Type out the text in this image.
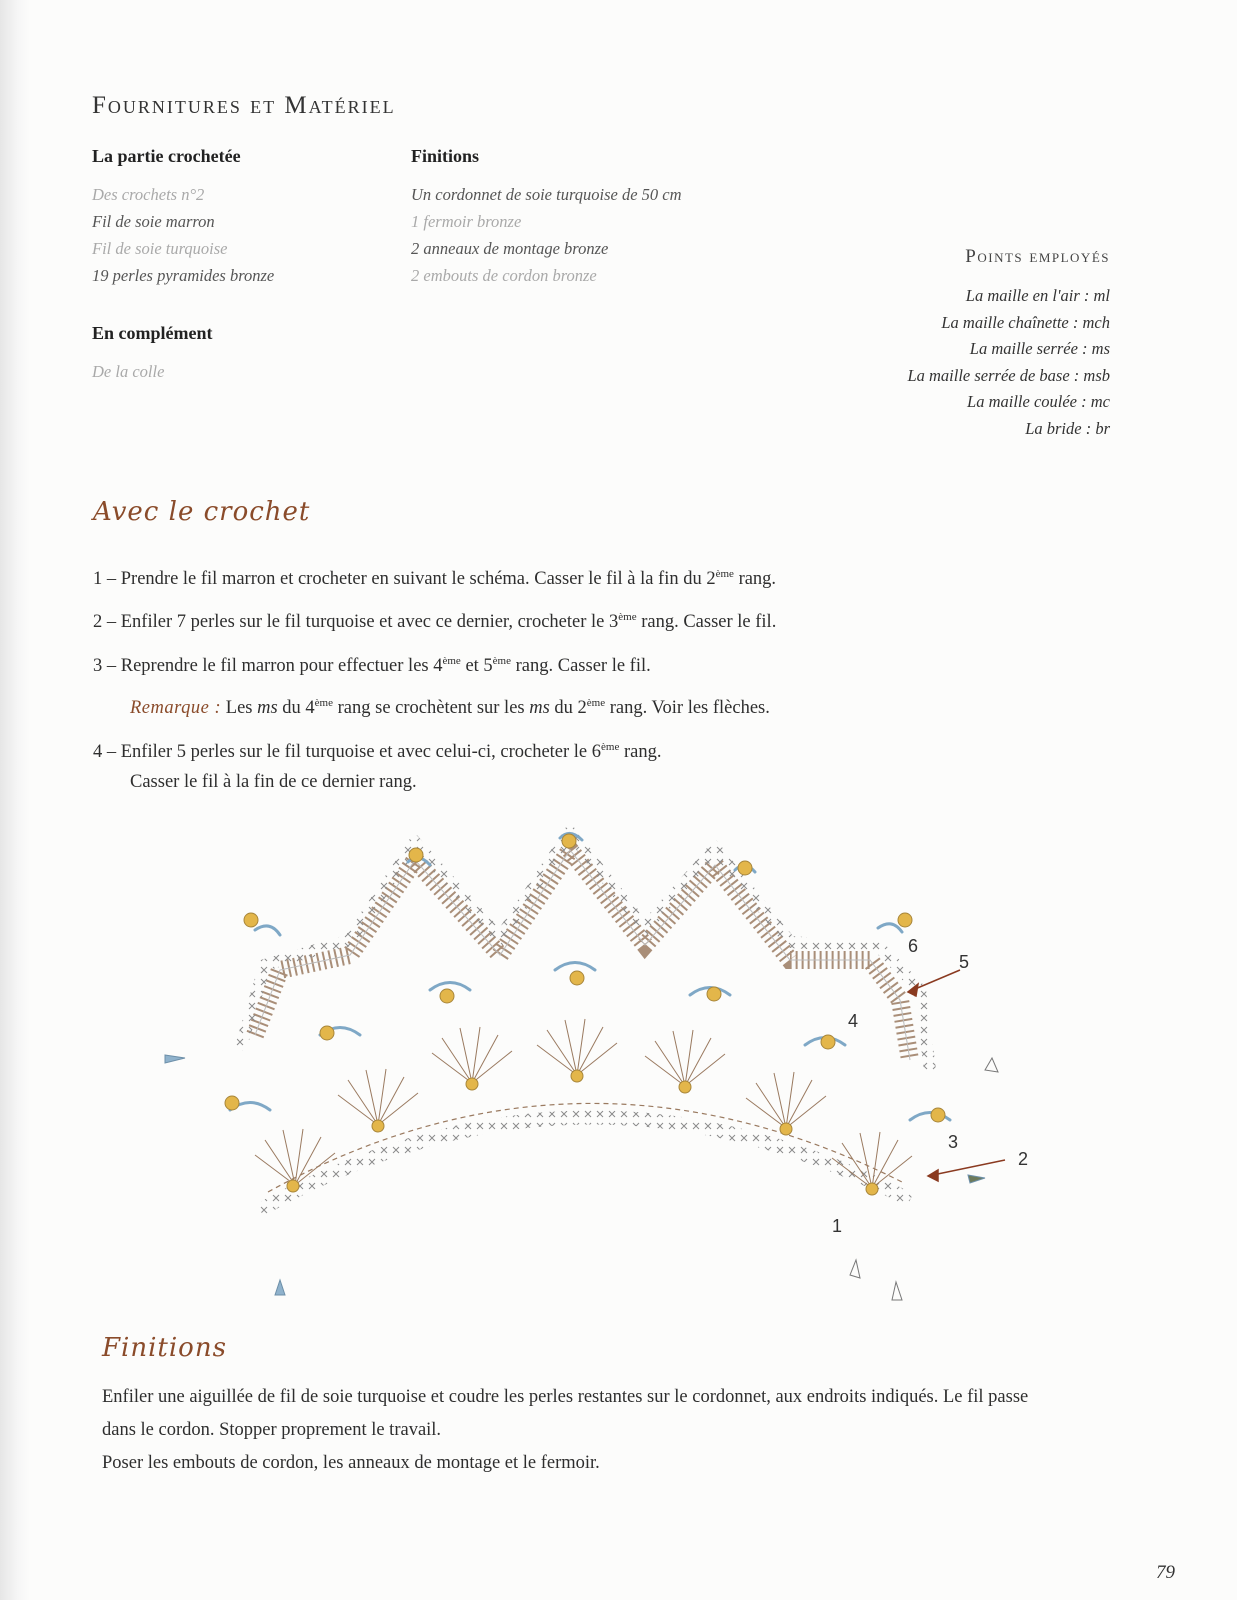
Fournitures et Matériel
La partie crochetée
Des crochets n°2
Fil de soie marron
Fil de soie turquoise
19 perles pyramides bronze
En complément
De la colle
Finitions
Un cordonnet de soie turquoise de 50 cm
1 fermoir bronze
2 anneaux de montage bronze
2 embouts de cordon bronze
Points employés
La maille en l'air : ml
La maille chaînette : mch
La maille serrée : ms
La maille serrée de base : msb
La maille coulée : mc
La bride : br
Avec le crochet
1 – Prendre le fil marron et crocheter en suivant le schéma. Casser le fil à la fin du 2ème rang.
2 – Enfiler 7 perles sur le fil turquoise et avec ce dernier, crocheter le 3ème rang. Casser le fil.
3 – Reprendre le fil marron pour effectuer les 4ème et 5ème rang. Casser le fil.
Remarque : Les ms du 4ème rang se crochètent sur les ms du 2ème rang. Voir les flèches.
4 – Enfiler 5 perles sur le fil turquoise et avec celui-ci, crocheter le 6ème rang.
Casser le fil à la fin de ce dernier rang.
1
2
3
4
5
6
Finitions
Enfiler une aiguillée de fil de soie turquoise et coudre les perles restantes sur le cordonnet, aux endroits indiqués. Le fil passe dans le cordon. Stopper proprement le travail.
Poser les embouts de cordon, les anneaux de montage et le fermoir.
79
